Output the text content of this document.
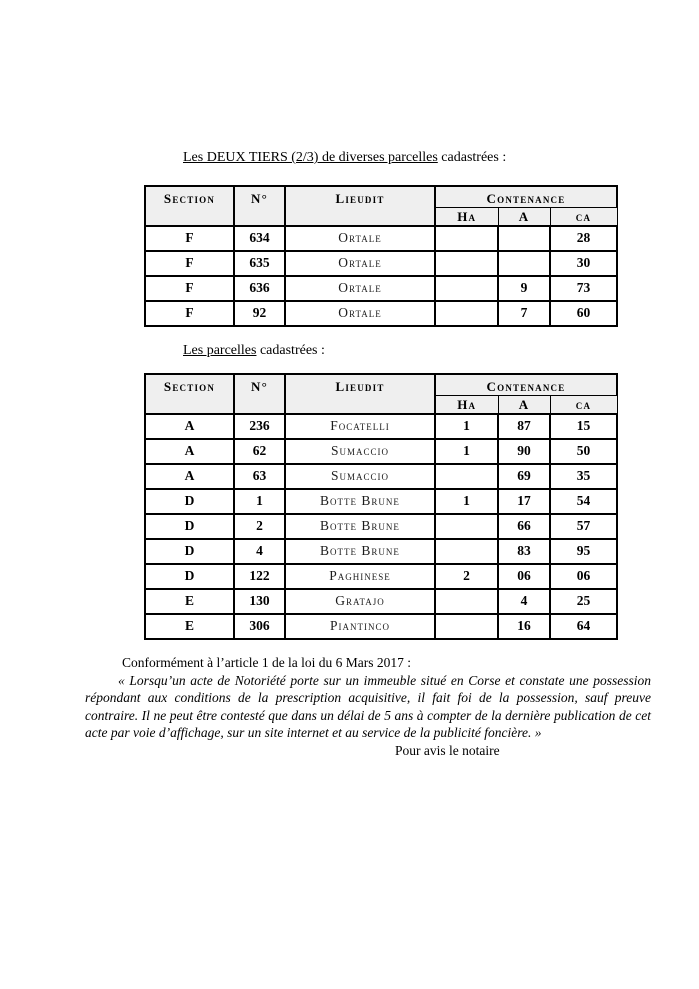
Les DEUX TIERS (2/3) de diverses parcelles cadastrées :
Section	N°	Lieudit	Contenance		
			Ha	A	ca
F	634	Ortale			28
F	635	Ortale			30
F	636	Ortale		9	73
F	92	Ortale		7	60
Les parcelles cadastrées :
Section	N°	Lieudit	Contenance		
			Ha	A	ca
A	236	Focatelli	1	87	15
A	62	Sumaccio	1	90	50
A	63	Sumaccio		69	35
D	1	Botte Brune	1	17	54
D	2	Botte Brune		66	57
D	4	Botte Brune		83	95
D	122	Paghinese	2	06	06
E	130	Gratajo		4	25
E	306	Piantinco		16	64

Conformément à l’article 1 de la loi du 6 Mars 2017 :

« Lorsqu’un acte de Notoriété porte sur un immeuble situé en Corse et constate une possession répondant aux conditions de la prescription acquisitive, il fait foi de la possession, sauf preuve contraire. Il ne peut être contesté que dans un délai de 5 ans à compter de la dernière publication de cet acte par voie d’affichage, sur un site internet et au service de la publicité foncière. »

Pour avis le notaire
